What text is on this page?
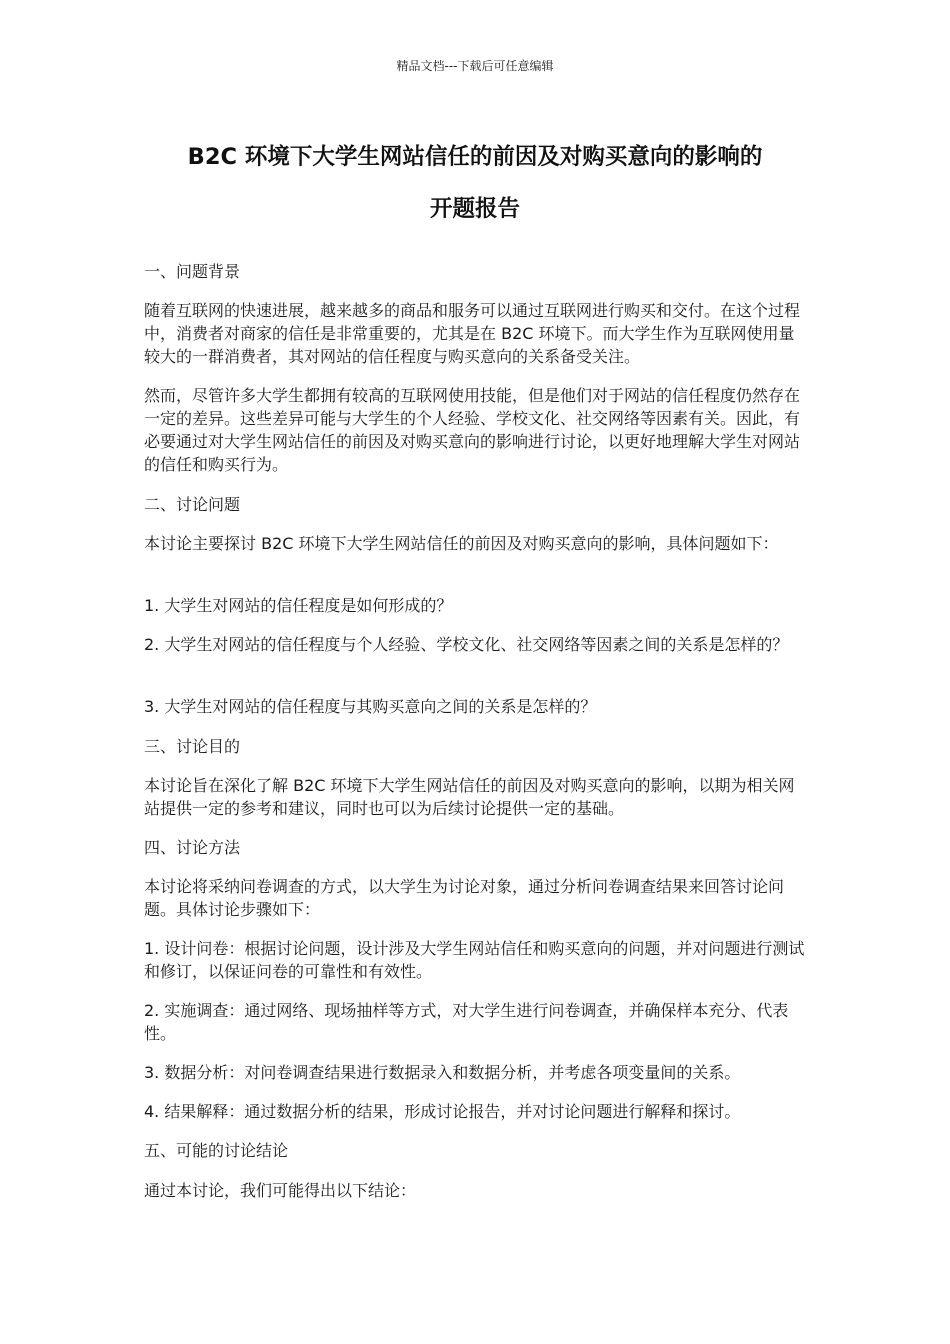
精品文档---下载后可任意编辑
B2C 环境下大学生网站信任的前因及对购买意向的影响的
开题报告

一、问题背景

随着互联网的快速进展，越来越多的商品和服务可以通过互联网进行购买和交付。在这个过程中，消费者对商家的信任是非常重要的，尤其是在 B2C 环境下。而大学生作为互联网使用量较大的一群消费者，其对网站的信任程度与购买意向的关系备受关注。

然而，尽管许多大学生都拥有较高的互联网使用技能，但是他们对于网站的信任程度仍然存在一定的差异。这些差异可能与大学生的个人经验、学校文化、社交网络等因素有关。因此，有必要通过对大学生网站信任的前因及对购买意向的影响进行讨论，以更好地理解大学生对网站的信任和购买行为。

二、讨论问题

本讨论主要探讨 B2C 环境下大学生网站信任的前因及对购买意向的影响，具体问题如下：

1. 大学生对网站的信任程度是如何形成的？

2. 大学生对网站的信任程度与个人经验、学校文化、社交网络等因素之间的关系是怎样的？

3. 大学生对网站的信任程度与其购买意向之间的关系是怎样的？

三、讨论目的

本讨论旨在深化了解 B2C 环境下大学生网站信任的前因及对购买意向的影响，以期为相关网站提供一定的参考和建议，同时也可以为后续讨论提供一定的基础。

四、讨论方法

本讨论将采纳问卷调查的方式，以大学生为讨论对象，通过分析问卷调查结果来回答讨论问题。具体讨论步骤如下：

1. 设计问卷：根据讨论问题，设计涉及大学生网站信任和购买意向的问题，并对问题进行测试和修订，以保证问卷的可靠性和有效性。

2. 实施调查：通过网络、现场抽样等方式，对大学生进行问卷调查，并确保样本充分、代表性。

3. 数据分析：对问卷调查结果进行数据录入和数据分析，并考虑各项变量间的关系。

4. 结果解释：通过数据分析的结果，形成讨论报告，并对讨论问题进行解释和探讨。

五、可能的讨论结论

通过本讨论，我们可能得出以下结论：
